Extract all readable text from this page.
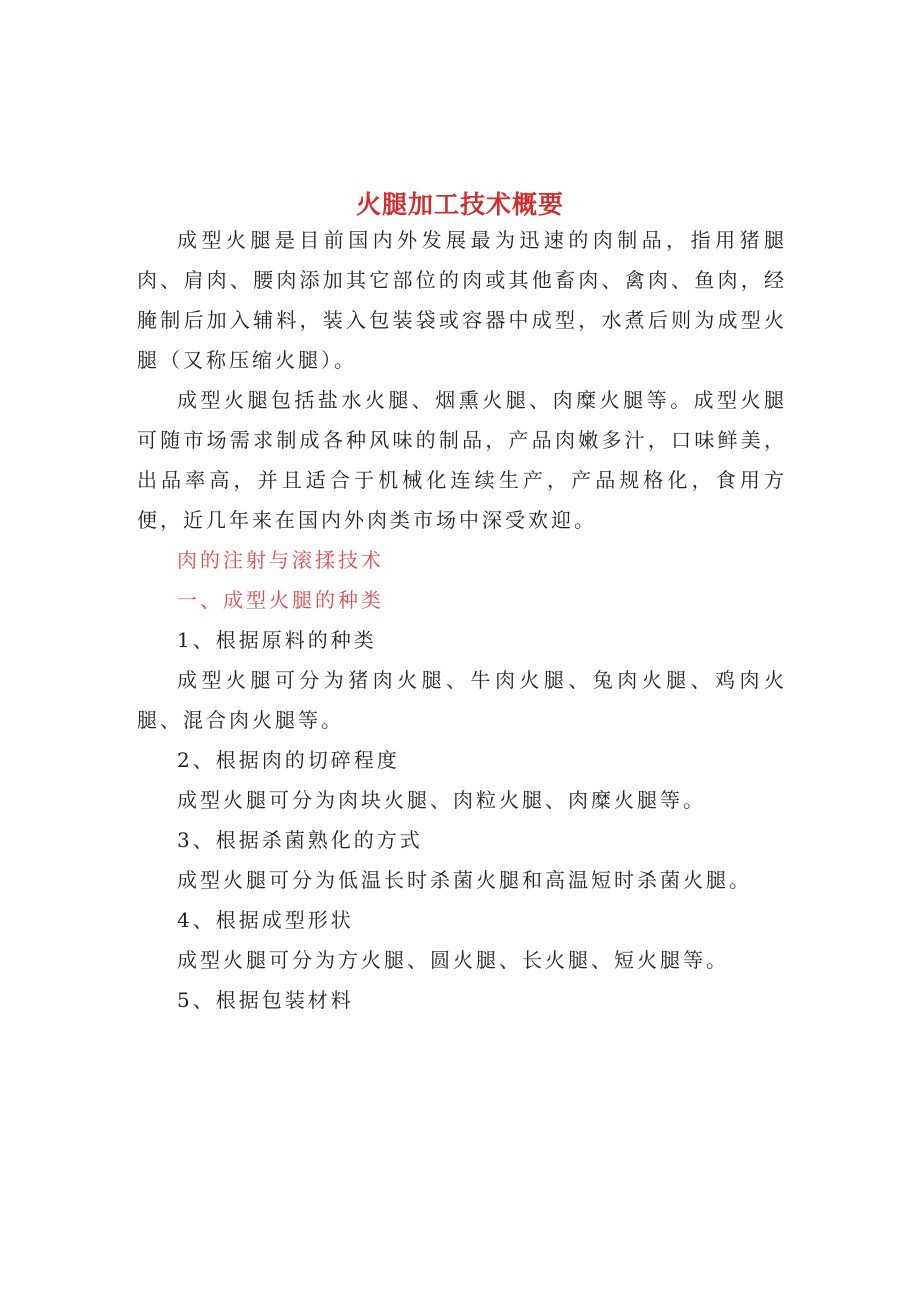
火腿加工技术概要

成型火腿是目前国内外发展最为迅速的肉制品，指用猪腿肉、肩肉、腰肉添加其它部位的肉或其他畜肉、禽肉、鱼肉，经腌制后加入辅料，装入包装袋或容器中成型，水煮后则为成型火腿（又称压缩火腿）。

成型火腿包括盐水火腿、烟熏火腿、肉糜火腿等。成型火腿可随市场需求制成各种风味的制品，产品肉嫩多汁，口味鲜美，出品率高，并且适合于机械化连续生产，产品规格化，食用方便，近几年来在国内外肉类市场中深受欢迎。

肉的注射与滚揉技术

一、成型火腿的种类

1、根据原料的种类

成型火腿可分为猪肉火腿、牛肉火腿、兔肉火腿、鸡肉火腿、混合肉火腿等。

2、根据肉的切碎程度

成型火腿可分为肉块火腿、肉粒火腿、肉糜火腿等。

3、根据杀菌熟化的方式

成型火腿可分为低温长时杀菌火腿和高温短时杀菌火腿。

4、根据成型形状

成型火腿可分为方火腿、圆火腿、长火腿、短火腿等。

5、根据包装材料
